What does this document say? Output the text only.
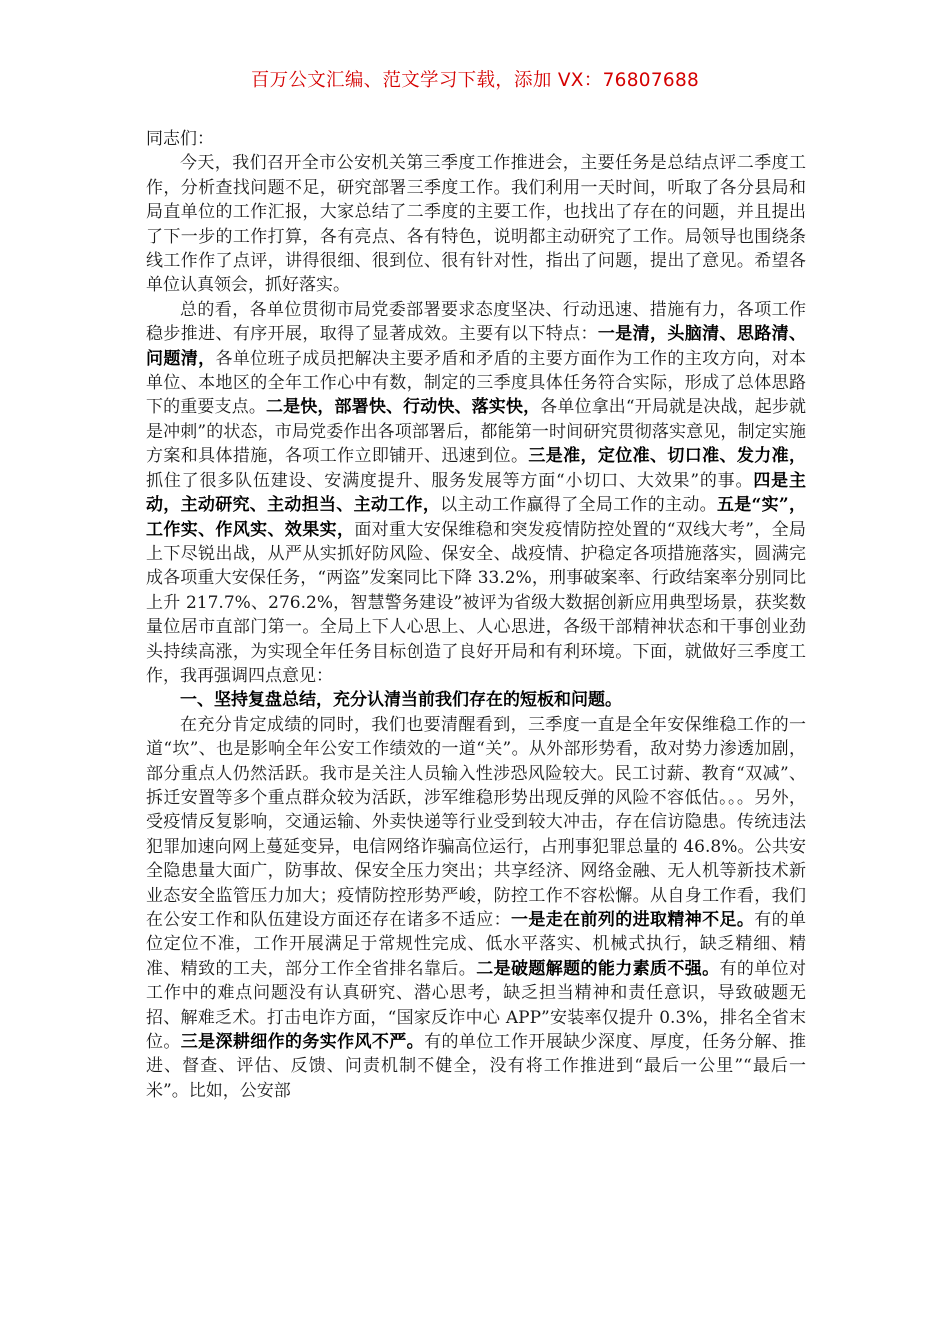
百万公文汇编、范文学习下载，添加 VX：76807688

同志们：

今天，我们召开全市公安机关第三季度工作推进会，主要任务是总结点评二季度工作，分析查找问题不足，研究部署三季度工作。我们利用一天时间，听取了各分县局和局直单位的工作汇报，大家总结了二季度的主要工作，也找出了存在的问题，并且提出了下一步的工作打算，各有亮点、各有特色，说明都主动研究了工作。局领导也围绕条线工作作了点评，讲得很细、很到位、很有针对性，指出了问题，提出了意见。希望各单位认真领会，抓好落实。

总的看，各单位贯彻市局党委部署要求态度坚决、行动迅速、措施有力，各项工作稳步推进、有序开展，取得了显著成效。主要有以下特点：一是清，头脑清、思路清、问题清，各单位班子成员把解决主要矛盾和矛盾的主要方面作为工作的主攻方向，对本单位、本地区的全年工作心中有数，制定的三季度具体任务符合实际，形成了总体思路下的重要支点。二是快，部署快、行动快、落实快，各单位拿出“开局就是决战，起步就是冲刺”的状态，市局党委作出各项部署后，都能第一时间研究贯彻落实意见，制定实施方案和具体措施，各项工作立即铺开、迅速到位。三是准，定位准、切口准、发力准，抓住了很多队伍建设、安满度提升、服务发展等方面“小切口、大效果”的事。四是主动，主动研究、主动担当、主动工作，以主动工作赢得了全局工作的主动。五是“实”，工作实、作风实、效果实，面对重大安保维稳和突发疫情防控处置的“双线大考”，全局上下尽锐出战，从严从实抓好防风险、保安全、战疫情、护稳定各项措施落实，圆满完成各项重大安保任务，“两盗”发案同比下降 33.2%，刑事破案率、行政结案率分别同比上升 217.7%、276.2%，智慧警务建设”被评为省级大数据创新应用典型场景，获奖数量位居市直部门第一。全局上下人心思上、人心思进，各级干部精神状态和干事创业劲头持续高涨，为实现全年任务目标创造了良好开局和有利环境。下面，就做好三季度工作，我再强调四点意见：

一、坚持复盘总结，充分认清当前我们存在的短板和问题。

在充分肯定成绩的同时，我们也要清醒看到，三季度一直是全年安保维稳工作的一道“坎”、也是影响全年公安工作绩效的一道“关”。从外部形势看，敌对势力渗透加剧，部分重点人仍然活跃。我市是关注人员输入性涉恐风险较大。民工讨薪、教育“双减”、拆迁安置等多个重点群众较为活跃，涉军维稳形势出现反弹的风险不容低估。。。另外，受疫情反复影响，交通运输、外卖快递等行业受到较大冲击，存在信访隐患。传统违法犯罪加速向网上蔓延变异，电信网络诈骗高位运行，占刑事犯罪总量的 46.8%。公共安全隐患量大面广，防事故、保安全压力突出；共享经济、网络金融、无人机等新技术新业态安全监管压力加大；疫情防控形势严峻，防控工作不容松懈。从自身工作看，我们在公安工作和队伍建设方面还存在诸多不适应：一是走在前列的进取精神不足。有的单位定位不准，工作开展满足于常规性完成、低水平落实、机械式执行，缺乏精细、精准、精致的工夫，部分工作全省排名靠后。二是破题解题的能力素质不强。有的单位对工作中的难点问题没有认真研究、潜心思考，缺乏担当精神和责任意识，导致破题无招、解难乏术。打击电诈方面，“国家反诈中心 APP”安装率仅提升 0.3%，排名全省末位。三是深耕细作的务实作风不严。有的单位工作开展缺少深度、厚度，任务分解、推进、督查、评估、反馈、问责机制不健全，没有将工作推进到“最后一公里”“最后一米”。比如，公安部
